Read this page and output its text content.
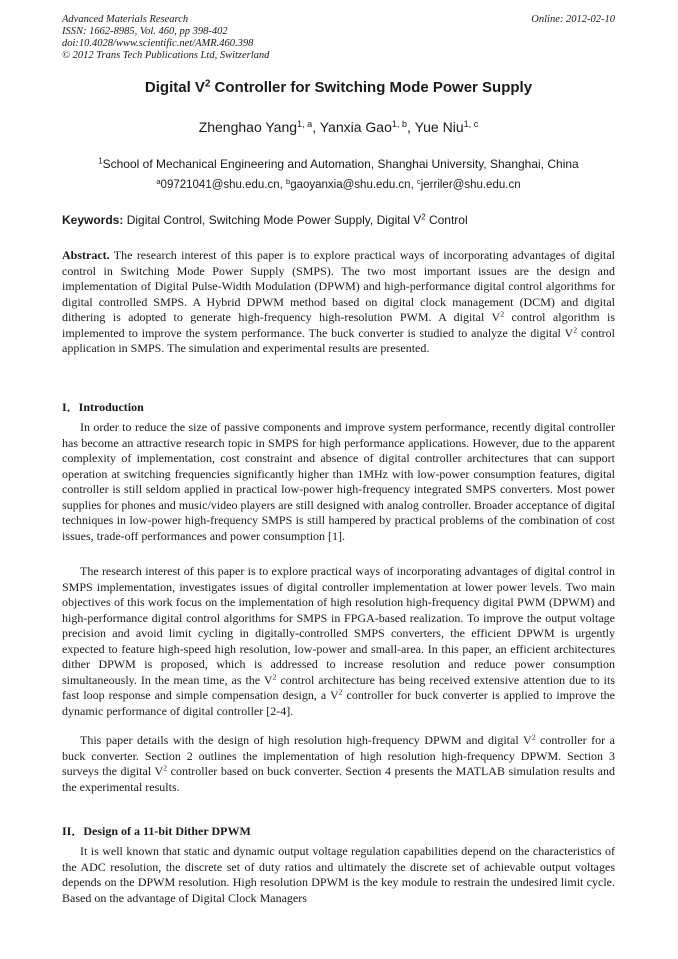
Advanced Materials Research
ISSN: 1662-8985, Vol. 460, pp 398-402
doi:10.4028/www.scientific.net/AMR.460.398
© 2012 Trans Tech Publications Ltd, Switzerland
Online: 2012-02-10
Digital $V^2$ Controller for Switching Mode Power Supply
Zhenghao Yang$^{1, a}$, Yanxia Gao$^{1, b}$, Yue Niu$^{1, c}$
$^1$School of Mechanical Engineering and Automation, Shanghai University, Shanghai, China
$^a$09721041@shu.edu.cn, $^b$gaoyanxia@shu.edu.cn, $^c$jerriler@shu.edu.cn
Keywords: Digital Control, Switching Mode Power Supply, Digital $V^2$ Control

Abstract. The research interest of this paper is to explore practical ways of incorporating advantages of digital control in Switching Mode Power Supply (SMPS). The two most important issues are the design and implementation of Digital Pulse-Width Modulation (DPWM) and high-performance digital control algorithms for digital controlled SMPS. A Hybrid DPWM method based on digital clock management (DCM) and digital dithering is adopted to generate high-frequency high-resolution PWM. A digital $V^2$ control algorithm is implemented to improve the system performance. The buck converter is studied to analyze the digital $V^2$ control application in SMPS. The simulation and experimental results are presented.

I．Introduction

In order to reduce the size of passive components and improve system performance, recently digital controller has become an attractive research topic in SMPS for high performance applications. However, due to the apparent complexity of implementation, cost constraint and absence of digital controller architectures that can support operation at switching frequencies significantly higher than 1MHz with low-power consumption features, digital controller is still seldom applied in practical low-power high-frequency integrated SMPS converters. Most power supplies for phones and music/video players are still designed with analog controller. Broader acceptance of digital techniques in low-power high-frequency SMPS is still hampered by practical problems of the combination of cost issues, trade-off performances and power consumption [1].

The research interest of this paper is to explore practical ways of incorporating advantages of digital control in SMPS implementation, investigates issues of digital controller implementation at lower power levels. Two main objectives of this work focus on the implementation of high resolution high-frequency digital PWM (DPWM) and high-performance digital control algorithms for SMPS in FPGA-based realization. To improve the output voltage precision and avoid limit cycling in digitally-controlled SMPS converters, the efficient DPWM is urgently expected to feature high-speed high resolution, low-power and small-area. In this paper, an efficient architectures dither DPWM is proposed, which is addressed to increase resolution and reduce power consumption simultaneously. In the mean time, as the $V^2$ control architecture has being received extensive attention due to its fast loop response and simple compensation design, a $V^2$ controller for buck converter is applied to improve the dynamic performance of digital controller [2-4].

This paper details with the design of high resolution high-frequency DPWM and digital $V^2$ controller for a buck converter. Section 2 outlines the implementation of high resolution high-frequency DPWM. Section 3 surveys the digital $V^2$ controller based on buck converter. Section 4 presents the MATLAB simulation results and the experimental results.

II．Design of a 11-bit Dither DPWM

It is well known that static and dynamic output voltage regulation capabilities depend on the characteristics of the ADC resolution, the discrete set of duty ratios and ultimately the discrete set of achievable output voltages depends on the DPWM resolution. High resolution DPWM is the key module to restrain the undesired limit cycle. Based on the advantage of Digital Clock Managers
